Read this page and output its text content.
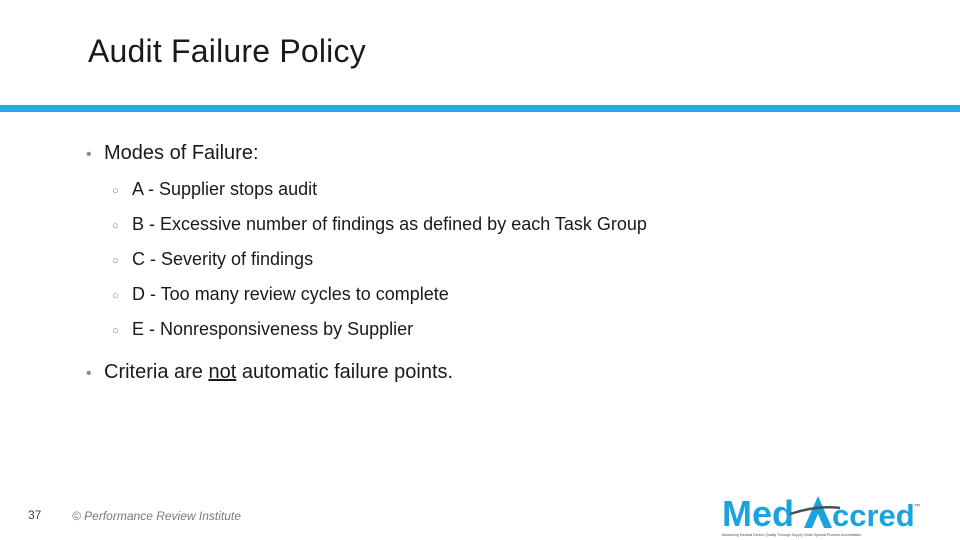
Audit Failure Policy
• Modes of Failure:
○ A - Supplier stops audit
○ B - Excessive number of findings as defined by each Task Group
○ C - Severity of findings
○ D - Too many review cycles to complete
○ E - Nonresponsiveness by Supplier
• Criteria are not automatic failure points.
37	© Performance Review Institute	Med ccred ™
Advancing Medical Device Quality Through Supply Chain Special Process Accreditation
